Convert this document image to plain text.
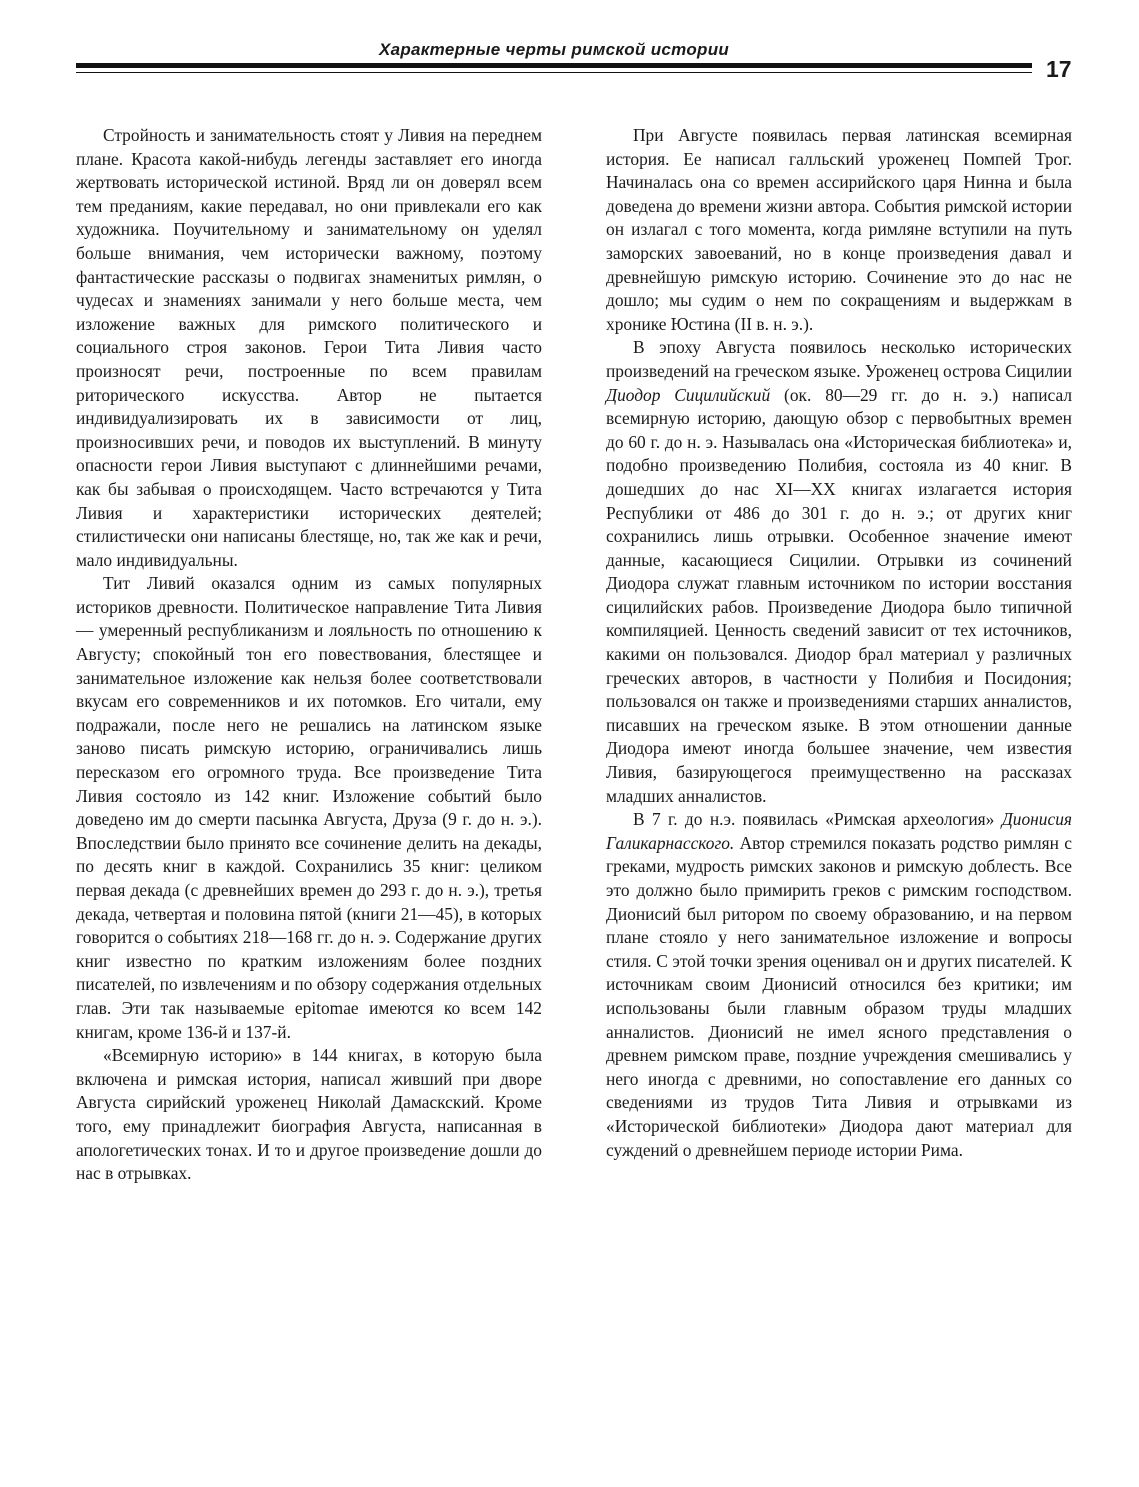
Характерные черты римской истории
17

Стройность и занимательность стоят у Ливия на переднем плане. Красота какой-нибудь легенды заставляет его иногда жертвовать исторической истиной. Вряд ли он доверял всем тем преданиям, какие передавал, но они привлекали его как художника. Поучительному и занимательному он уделял больше внимания, чем исторически важному, поэтому фантастические рассказы о подвигах знаменитых римлян, о чудесах и знамениях занимали у него больше места, чем изложение важных для римского политического и социального строя законов. Герои Тита Ливия часто произносят речи, построенные по всем правилам риторического искусства. Автор не пытается индивидуализировать их в зависимости от лиц, произносивших речи, и поводов их выступлений. В минуту опасности герои Ливия выступают с длиннейшими речами, как бы забывая о происходящем. Часто встречаются у Тита Ливия и характеристики исторических деятелей; стилистически они написаны блестяще, но, так же как и речи, мало индивидуальны.

Тит Ливий оказался одним из самых популярных историков древности. Политическое направление Тита Ливия — умеренный республиканизм и лояльность по отношению к Августу; спокойный тон его повествования, блестящее и занимательное изложение как нельзя более соответствовали вкусам его современников и их потомков. Его читали, ему подражали, после него не решались на латинском языке заново писать римскую историю, ограничивались лишь пересказом его огромного труда. Все произведение Тита Ливия состояло из 142 книг. Изложение событий было доведено им до смерти пасынка Августа, Друза (9 г. до н. э.). Впоследствии было принято все сочинение делить на декады, по десять книг в каждой. Сохранились 35 книг: целиком первая декада (с древнейших времен до 293 г. до н. э.), третья декада, четвертая и половина пятой (книги 21—45), в которых говорится о событиях 218—168 гг. до н. э. Содержание других книг известно по кратким изложениям более поздних писателей, по извлечениям и по обзору содержания отдельных глав. Эти так называемые epitomae имеются ко всем 142 книгам, кроме 136-й и 137-й.

«Всемирную историю» в 144 книгах, в которую была включена и римская история, написал живший при дворе Августа сирийский уроженец Николай Дамаскский. Кроме того, ему принадлежит биография Августа, написанная в апологетических тонах. И то и другое произведение дошли до нас в отрывках.

При Августе появилась первая латинская всемирная история. Ее написал галльский уроженец Помпей Трог. Начиналась она со времен ассирийского царя Нинна и была доведена до времени жизни автора. События римской истории он излагал с того момента, когда римляне вступили на путь заморских завоеваний, но в конце произведения давал и древнейшую римскую историю. Сочинение это до нас не дошло; мы судим о нем по сокращениям и выдержкам в хронике Юстина (II в. н. э.).

В эпоху Августа появилось несколько исторических произведений на греческом языке. Уроженец острова Сицилии Диодор Сицилийский (ок. 80—29 гг. до н. э.) написал всемирную историю, дающую обзор с первобытных времен до 60 г. до н. э. Называлась она «Историческая библиотека» и, подобно произведению Полибия, состояла из 40 книг. В дошедших до нас XI—XX книгах излагается история Республики от 486 до 301 г. до н. э.; от других книг сохранились лишь отрывки. Особенное значение имеют данные, касающиеся Сицилии. Отрывки из сочинений Диодора служат главным источником по истории восстания сицилийских рабов. Произведение Диодора было типичной компиляцией. Ценность сведений зависит от тех источников, какими он пользовался. Диодор брал материал у различных греческих авторов, в частности у Полибия и Посидония; пользовался он также и произведениями старших анналистов, писавших на греческом языке. В этом отношении данные Диодора имеют иногда большее значение, чем известия Ливия, базирующегося преимущественно на рассказах младших анналистов.

В 7 г. до н.э. появилась «Римская археология» Дионисия Галикарнасского. Автор стремился показать родство римлян с греками, мудрость римских законов и римскую доблесть. Все это должно было примирить греков с римским господством. Дионисий был ритором по своему образованию, и на первом плане стояло у него занимательное изложение и вопросы стиля. С этой точки зрения оценивал он и других писателей. К источникам своим Дионисий относился без критики; им использованы были главным образом труды младших анналистов. Дионисий не имел ясного представления о древнем римском праве, поздние учреждения смешивались у него иногда с древними, но сопоставление его данных со сведениями из трудов Тита Ливия и отрывками из «Исторической библиотеки» Диодора дают материал для суждений о древнейшем периоде истории Рима.
